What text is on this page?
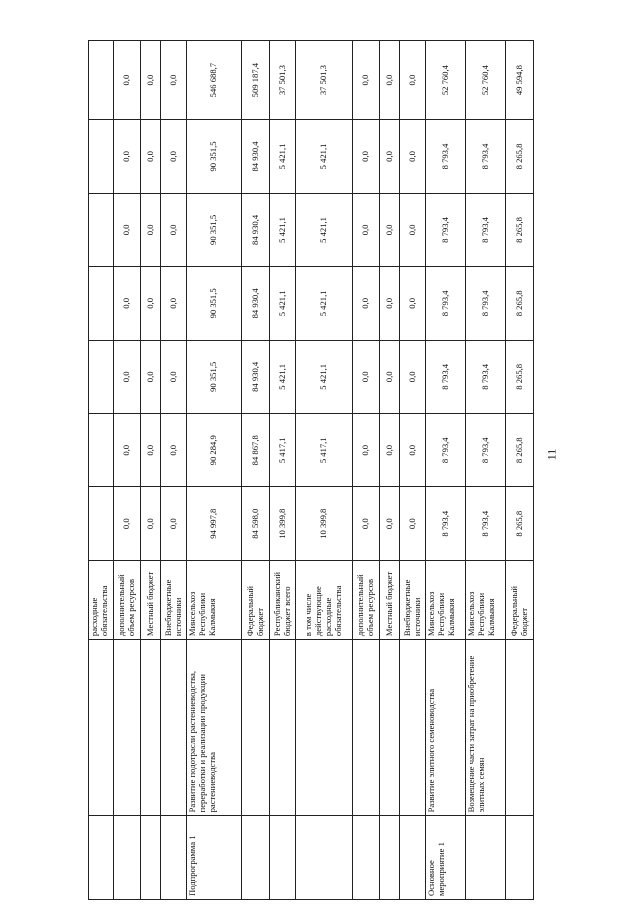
		расходные обязательства							
		дополнительный объем ресурсов	0,0	0,0	0,0	0,0	0,0	0,0	0,0
		Местный бюджет	0,0	0,0	0,0	0,0	0,0	0,0	0,0
		Внебюджетные источники	0,0	0,0	0,0	0,0	0,0	0,0	0,0
Подпрограмма 1	Развитие подотрасли растениеводства, переработки и реализации продукции растениеводства	Минсельхоз Республики Калмыкия	94 997,8	90 284,9	90 351,5	90 351,5	90 351,5	90 351,5	546 688,7
		Федеральный бюджет	84 598,0	84 867,8	84 930,4	84 930,4	84 930,4	84 930,4	509 187,4
		Республиканский бюджет всего	10 399,8	5 417,1	5 421,1	5 421,1	5 421,1	5 421,1	37 501,3
		в том числе действующие расходные обязательства	10 399,8	5 417,1	5 421,1	5 421,1	5 421,1	5 421,1	37 501,3
		дополнительный объем ресурсов	0,0	0,0	0,0	0,0	0,0	0,0	0,0
		Местный бюджет	0,0	0,0	0,0	0,0	0,0	0,0	0,0
		Внебюджетные источники	0,0	0,0	0,0	0,0	0,0	0,0	0,0
Основное мероприятие 1	Развитие элитного семеноводства	Минсельхоз Республики Калмыкия	8 793,4	8 793,4	8 793,4	8 793,4	8 793,4	8 793,4	52 760,4
	Возмещение части затрат на приобретение элитных семян	Минсельхоз Республики Калмыкия	8 793,4	8 793,4	8 793,4	8 793,4	8 793,4	8 793,4	52 760,4
		Федеральный бюджет	8 265,8	8 265,8	8 265,8	8 265,8	8 265,8	8 265,8	49 594,8
11
